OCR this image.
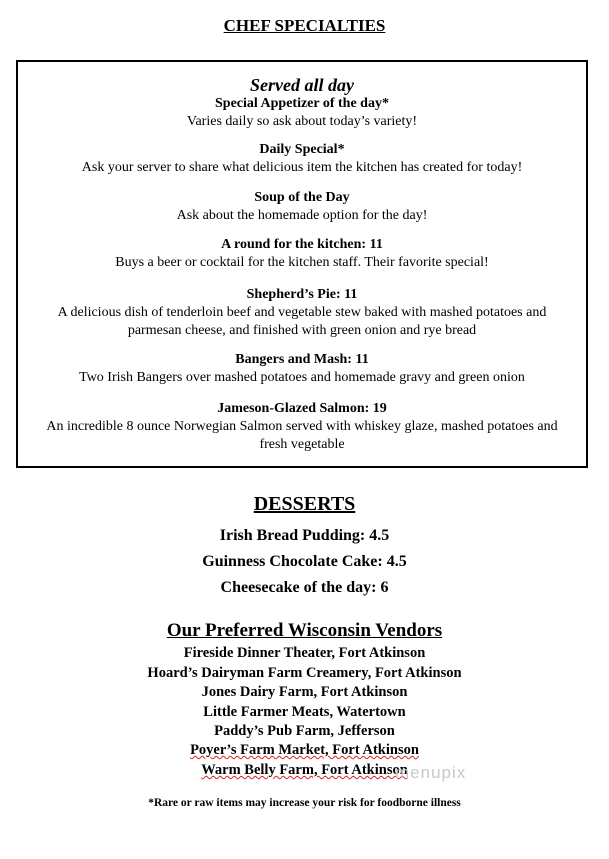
CHEF SPECIALTIES
Served all day
Special Appetizer of the day*
Varies daily so ask about today’s variety!
Daily Special*
Ask your server to share what delicious item the kitchen has created for today!
Soup of the Day
Ask about the homemade option for the day!
A round for the kitchen: 11
Buys a beer or cocktail for the kitchen staff. Their favorite special!
Shepherd’s Pie: 11
A delicious dish of tenderloin beef and vegetable stew baked with mashed potatoes and
parmesan cheese, and finished with green onion and rye bread
Bangers and Mash: 11
Two Irish Bangers over mashed potatoes and homemade gravy and green onion
Jameson-Glazed Salmon: 19
An incredible 8 ounce Norwegian Salmon served with whiskey glaze, mashed potatoes and
fresh vegetable
DESSERTS
Irish Bread Pudding: 4.5
Guinness Chocolate Cake: 4.5
Cheesecake of the day: 6
Our Preferred Wisconsin Vendors
Fireside Dinner Theater, Fort Atkinson
Hoard’s Dairyman Farm Creamery, Fort Atkinson
Jones Dairy Farm, Fort Atkinson
Little Farmer Meats, Watertown
Paddy’s Pub Farm, Jefferson
Poyer’s Farm Market, Fort Atkinson
Warm Belly Farm, Fort Atkinson
menupix
*Rare or raw items may increase your risk for foodborne illness
